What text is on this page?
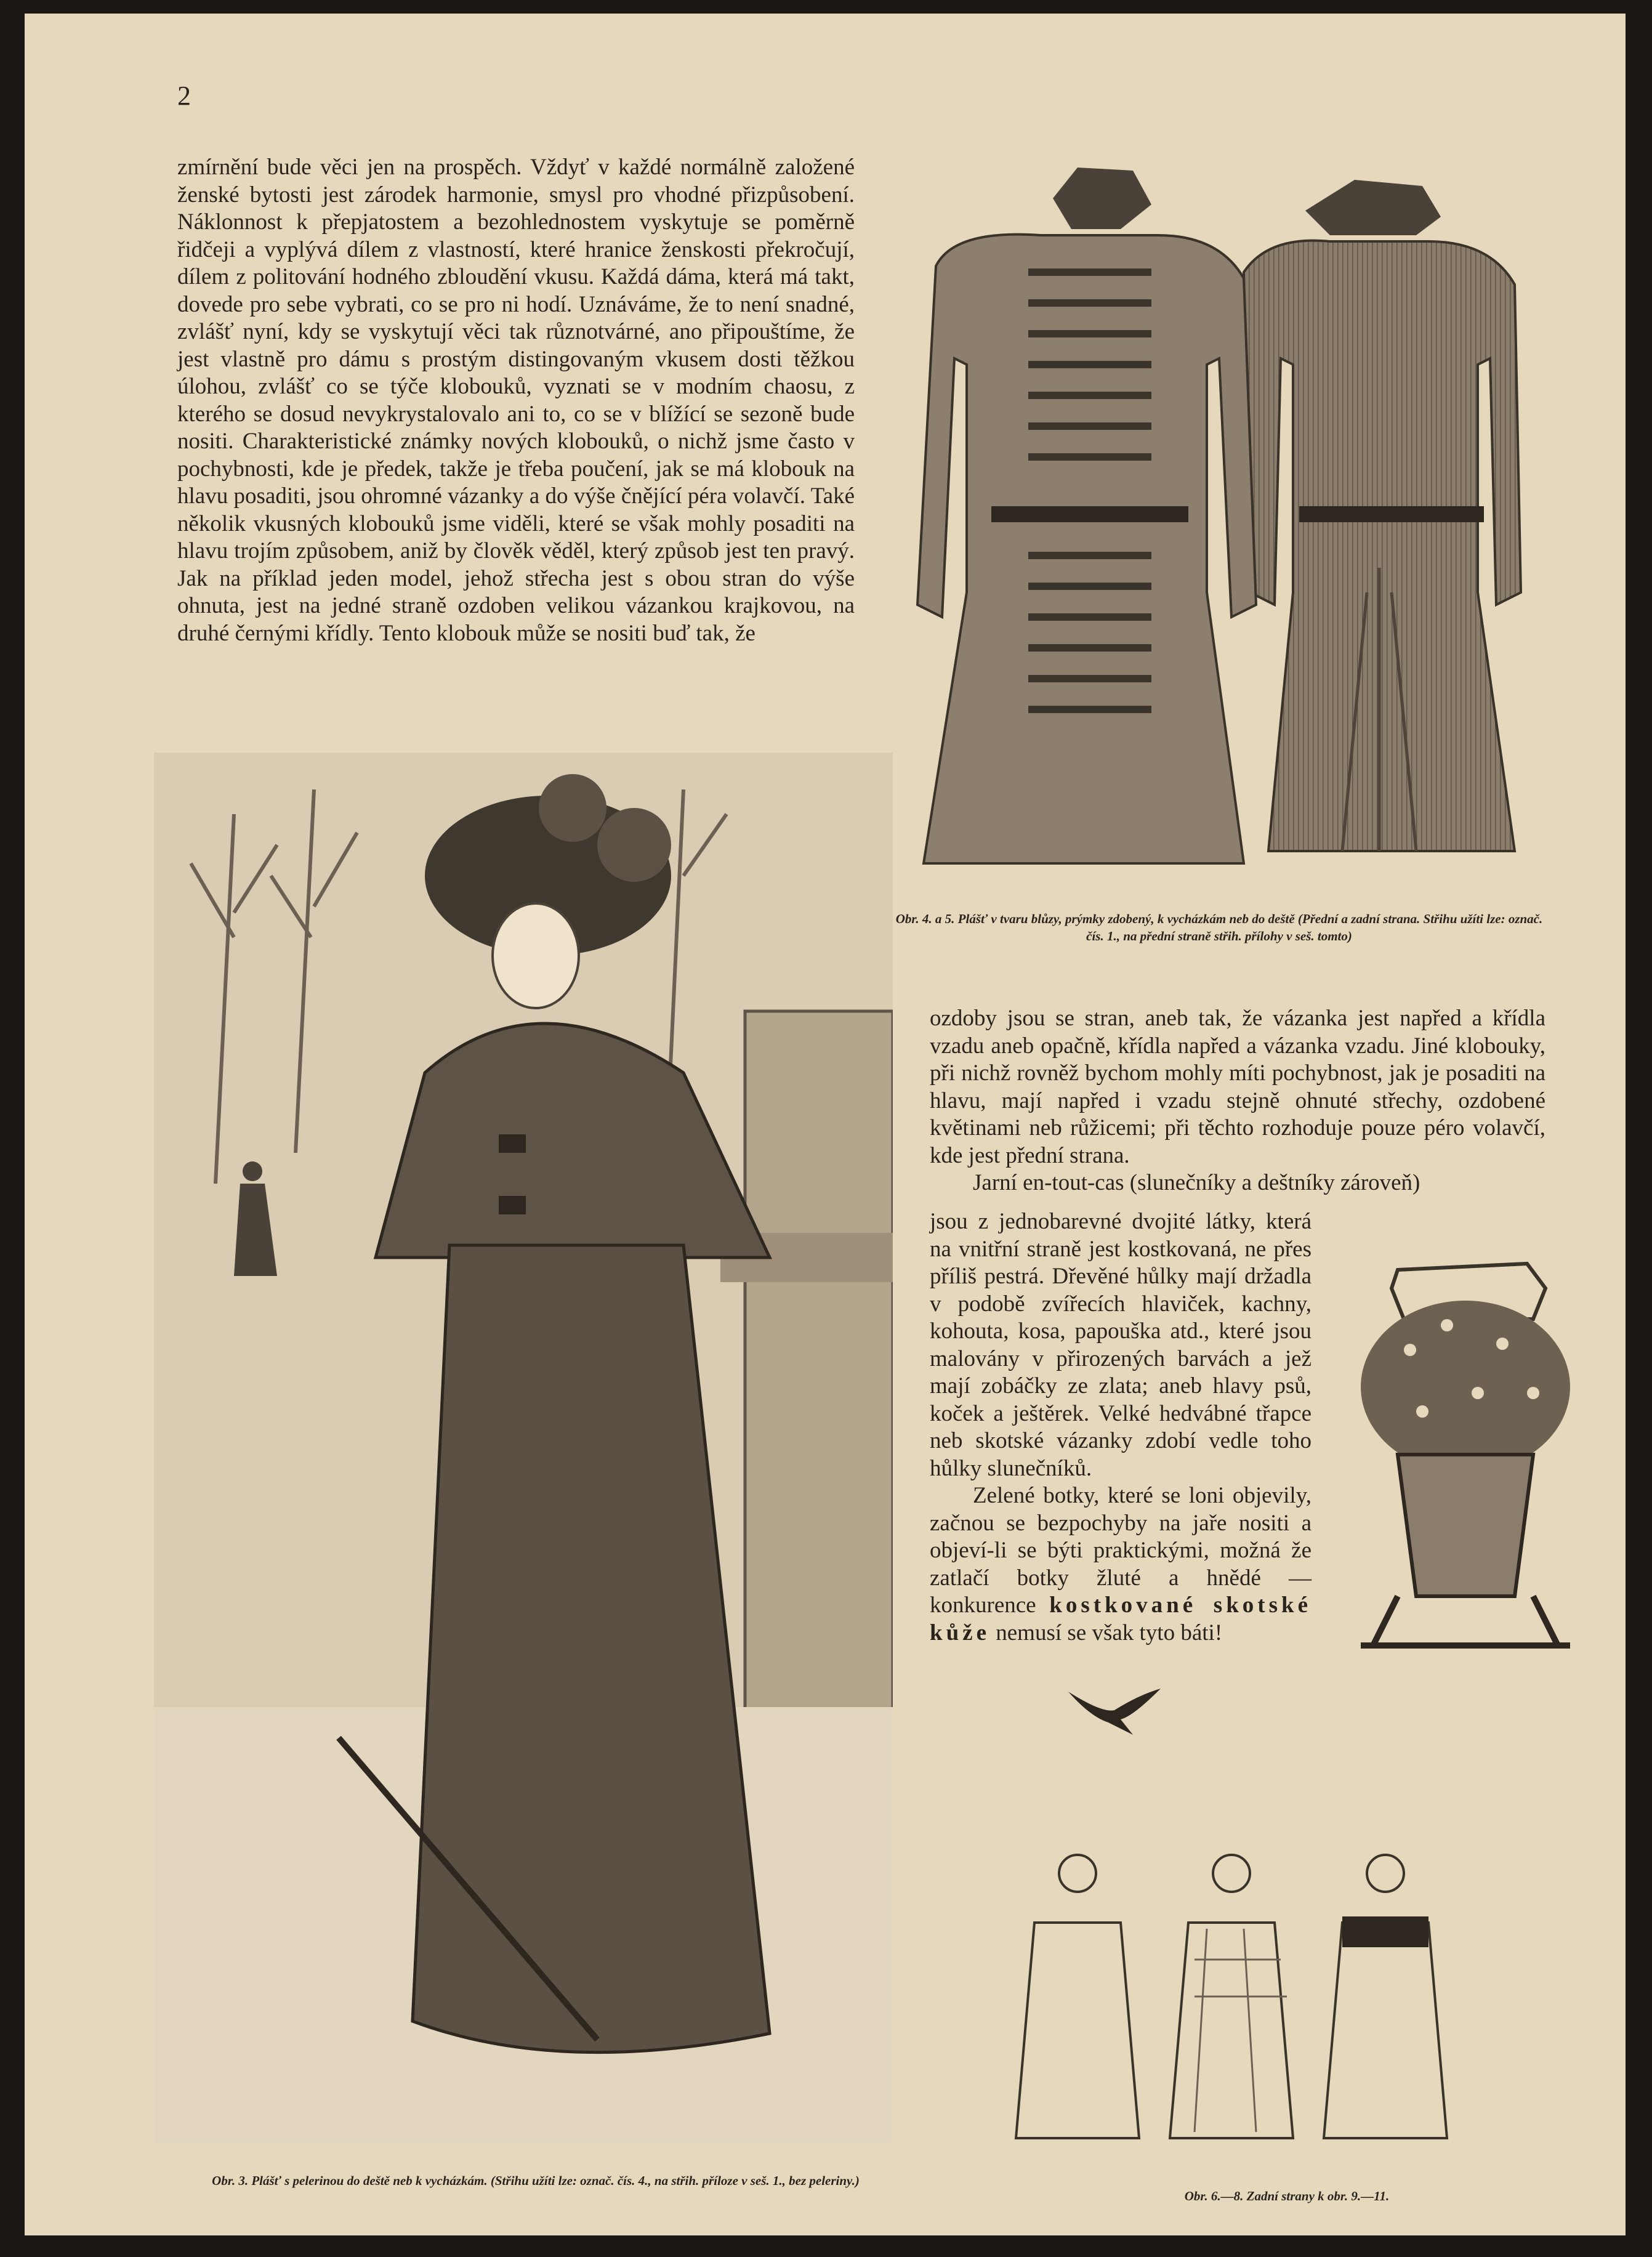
2

zmírnění bude věci jen na prospěch. Vždyť v každé normálně založené ženské bytosti jest zárodek harmonie, smysl pro vhodné přizpůsobení. Náklonnost k přepjatostem a bezohlednostem vyskytuje se poměrně řidčeji a vyplývá dílem z vlastností, které hranice ženskosti překročují, dílem z politování hodného zbloudění vkusu. Každá dáma, která má takt, dovede pro sebe vybrati, co se pro ni hodí. Uznáváme, že to není snadné, zvlášť nyní, kdy se vyskytují věci tak různotvárné, ano připouštíme, že jest vlastně pro dámu s prostým distingovaným vkusem dosti těžkou úlohou, zvlášť co se týče klobouků, vyznati se v modním chaosu, z kterého se dosud nevykrystalovalo ani to, co se v blížící se sezoně bude nositi. Charakteristické známky nových klobouků, o nichž jsme často v pochybnosti, kde je předek, takže je třeba poučení, jak se má klobouk na hlavu posaditi, jsou ohromné vázanky a do výše čnějící péra volavčí. Také několik vkusných klobouků jsme viděli, které se však mohly posaditi na hlavu trojím způsobem, aniž by člověk věděl, který způsob jest ten pravý. Jak na příklad jeden model, jehož střecha jest s obou stran do výše ohnuta, jest na jedné straně ozdoben velikou vázankou krajkovou, na druhé černými křídly. Tento klobouk může se nositi buď tak, že

Obr. 4. a 5. Plášť v tvaru blůzy, prýmky zdobený, k vycházkám neb do deště (Přední a zadní strana. Střihu užíti lze: označ. čís. 1., na přední straně střih. přílohy v seš. tomto)
Obr. 3. Plášť s pelerinou do deště neb k vycházkám. (Střihu užíti lze: označ. čís. 4., na střih. příloze v seš. 1., bez peleriny.)

ozdoby jsou se stran, aneb tak, že vázanka jest napřed a křídla vzadu aneb opačně, křídla napřed a vázanka vzadu. Jiné klobouky, při nichž rovněž bychom mohly míti pochybnost, jak je posaditi na hlavu, mají napřed i vzadu stejně ohnuté střechy, ozdobené květinami neb růžicemi; při těchto rozhoduje pouze péro volavčí, kde jest přední strana.

Jarní en-tout-cas (slunečníky a deštníky zároveň)

jsou z jednobarevné dvojité látky, která na vnitřní straně jest kostkovaná, ne přes příliš pestrá. Dřevěné hůlky mají držadla v podobě zvířecích hlaviček, kachny, kohouta, kosa, papouška atd., které jsou malovány v přirozených barvách a jež mají zobáčky ze zlata; aneb hlavy psů, koček a ještěrek. Velké hedvábné třapce neb skotské vázanky zdobí vedle toho hůlky slunečníků.

Zelené botky, které se loni objevily, začnou se bezpochyby na jaře nositi a objeví-li se býti praktickými, možná že zatlačí botky žluté a hnědé — konkurence kostkované skotské kůže nemusí se však tyto báti!

Obr. 6.—8. Zadní strany k obr. 9.—11.
